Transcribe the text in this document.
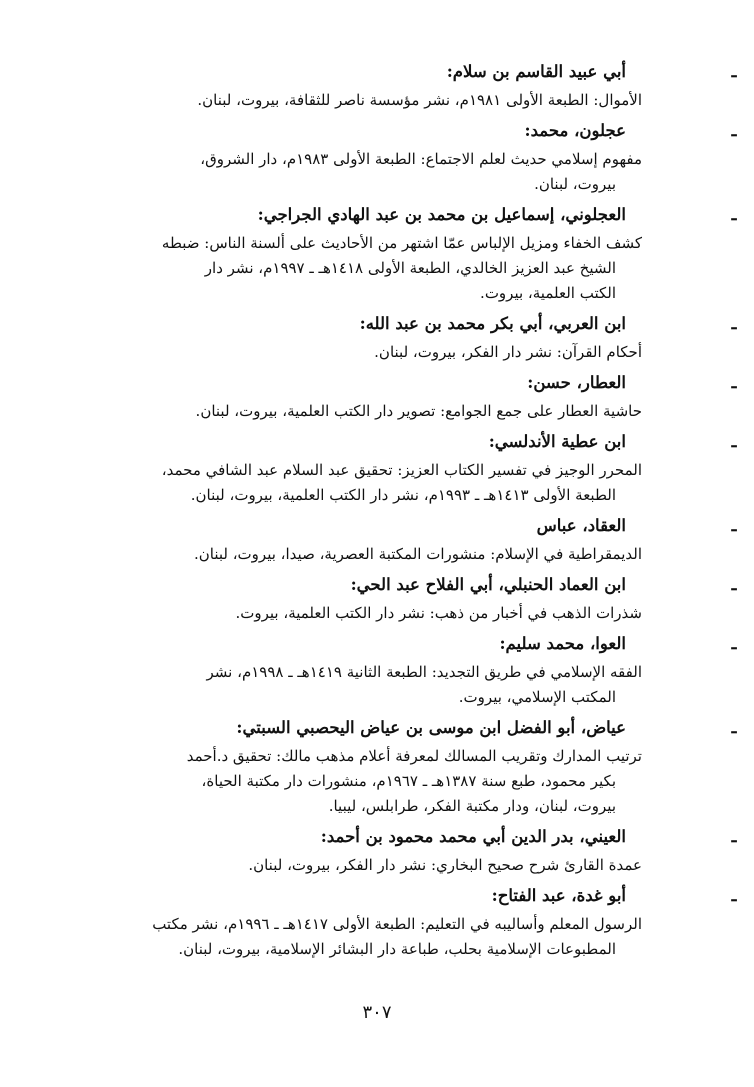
ـ
أبي عبيد القاسم بن سلام:
الأموال: الطبعة الأولى ١٩٨١م، نشر مؤسسة ناصر للثقافة، بيروت، لبنان.
ـ
عجلون، محمد:
مفهوم إسلامي حديث لعلم الاجتماع: الطبعة الأولى ١٩٨٣م، دار الشروق،
بيروت، لبنان.
ـ
العجلوني، إسماعيل بن محمد بن عبد الهادي الجراجي:
كشف الخفاء ومزيل الإلباس عمّا اشتهر من الأحاديث على ألسنة الناس: ضبطه
الشيخ عبد العزيز الخالدي، الطبعة الأولى ١٤١٨هـ ـ ١٩٩٧م، نشر دار
الكتب العلمية، بيروت.
ـ
ابن العربي، أبي بكر محمد بن عبد الله:
أحكام القرآن: نشر دار الفكر، بيروت، لبنان.
ـ
العطار، حسن:
حاشية العطار على جمع الجوامع: تصوير دار الكتب العلمية، بيروت، لبنان.
ـ
ابن عطية الأندلسي:
المحرر الوجيز في تفسير الكتاب العزيز: تحقيق عبد السلام عبد الشافي محمد،
الطبعة الأولى ١٤١٣هـ ـ ١٩٩٣م، نشر دار الكتب العلمية، بيروت، لبنان.
ـ
العقاد، عباس
الديمقراطية في الإسلام: منشورات المكتبة العصرية، صيدا، بيروت، لبنان.
ـ
ابن العماد الحنبلي، أبي الفلاح عبد الحي:
شذرات الذهب في أخبار من ذهب: نشر دار الكتب العلمية، بيروت.
ـ
العوا، محمد سليم:
الفقه الإسلامي في طريق التجديد: الطبعة الثانية ١٤١٩هـ ـ ١٩٩٨م، نشر
المكتب الإسلامي، بيروت.
ـ
عياض، أبو الفضل ابن موسى بن عياض اليحصبي السبتي:
ترتيب المدارك وتقريب المسالك لمعرفة أعلام مذهب مالك: تحقيق د.أحمد
بكير محمود، طبع سنة ١٣٨٧هـ ـ ١٩٦٧م، منشورات دار مكتبة الحياة،
بيروت، لبنان، ودار مكتبة الفكر، طرابلس، ليبيا.
ـ
العيني، بدر الدين أبي محمد محمود بن أحمد:
عمدة القارئ شرح صحيح البخاري: نشر دار الفكر، بيروت، لبنان.
ـ
أبو غدة، عبد الفتاح:
الرسول المعلم وأساليبه في التعليم: الطبعة الأولى ١٤١٧هـ ـ ١٩٩٦م، نشر مكتب
المطبوعات الإسلامية بحلب، طباعة دار البشائر الإسلامية، بيروت، لبنان.
٣٠٧
